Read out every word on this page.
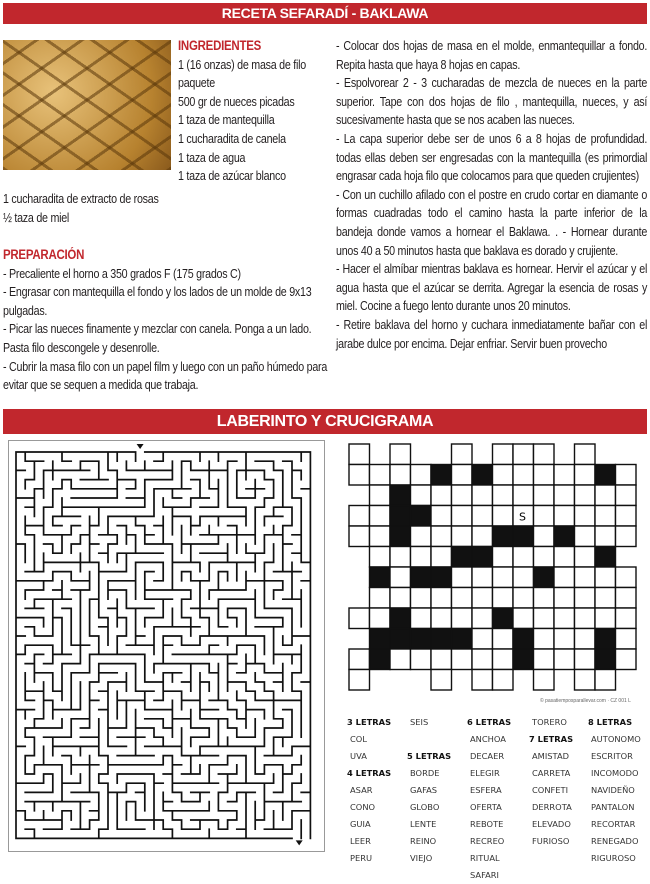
RECETA SEFARADÍ - BAKLAWA
INGREDIENTES
1 (16 onzas) de masa de filo paquete
500 gr de nueces picadas
1 taza de mantequilla
1 cucharadita de canela
1 taza de agua
1 taza de azúcar blanco
1 cucharadita de extracto de rosas
½ taza de miel
PREPARACIÓN

- Precaliente el horno a 350 grados F (175 grados C)

- Engrasar con mantequilla el fondo y los lados de un molde de 9x13 pulgadas.

- Picar las nueces finamente y mezclar con canela. Ponga a un lado. Pasta filo descongele y desenrolle.

- Cubrir la masa filo con un papel film y luego con un paño húmedo para evitar que se sequen a medida que trabaja.

- Colocar dos hojas de masa en el molde, enmantequillar a fondo. Repita hasta que haya 8 hojas en capas.

- Espolvorear 2 - 3 cucharadas de mezcla de nueces en la parte superior. Tape con dos hojas de filo , mantequilla, nueces, y así sucesivamente hasta que se nos acaben las nueces.

- La capa superior debe ser de unos 6 a 8 hojas de profundidad. todas ellas deben ser engresadas con la mantequilla (es primordial engrasar cada hoja filo que colocamos para que queden crujientes)

- Con un cuchillo afilado con el postre en crudo cortar en diamante o formas cuadradas todo el camino hasta la parte inferior de la bandeja donde vamos a hornear el Baklawa. . - Hornear durante unos 40 a 50 minutos hasta que baklava es dorado y crujiente.

- Hacer el almíbar mientras baklava es hornear. Hervir el azúcar y el agua hasta que el azúcar se derrita. Agregar la esencia de rosas y miel. Cocine a fuego lento durante unos 20 minutos.

- Retire baklava del horno y cuchara inmediatamente bañar con el jarabe dulce por encima. Dejar enfriar. Servir buen provecho

LABERINTO Y CRUCIGRAMA
S
© pasatiemposparallevar.com · CZ 001 L
3 LETRAS
COL
UVA
4 LETRAS
ASAR
CONO
GUIA
LEER
PERU
SEIS
5 LETRAS
BORDE
GAFAS
GLOBO
LENTE
REINO
VIEJO
6 LETRAS
ANCHOA
DECAER
ELEGIR
ESFERA
OFERTA
REBOTE
RECREO
RITUAL
SAFARI
TORERO
7 LETRAS
AMISTAD
CARRETA
CONFETI
DERROTA
ELEVADO
FURIOSO
8 LETRAS
AUTONOMO
ESCRITOR
INCOMODO
NAVIDEÑO
PANTALON
RECORTAR
RENEGADO
RIGUROSO
